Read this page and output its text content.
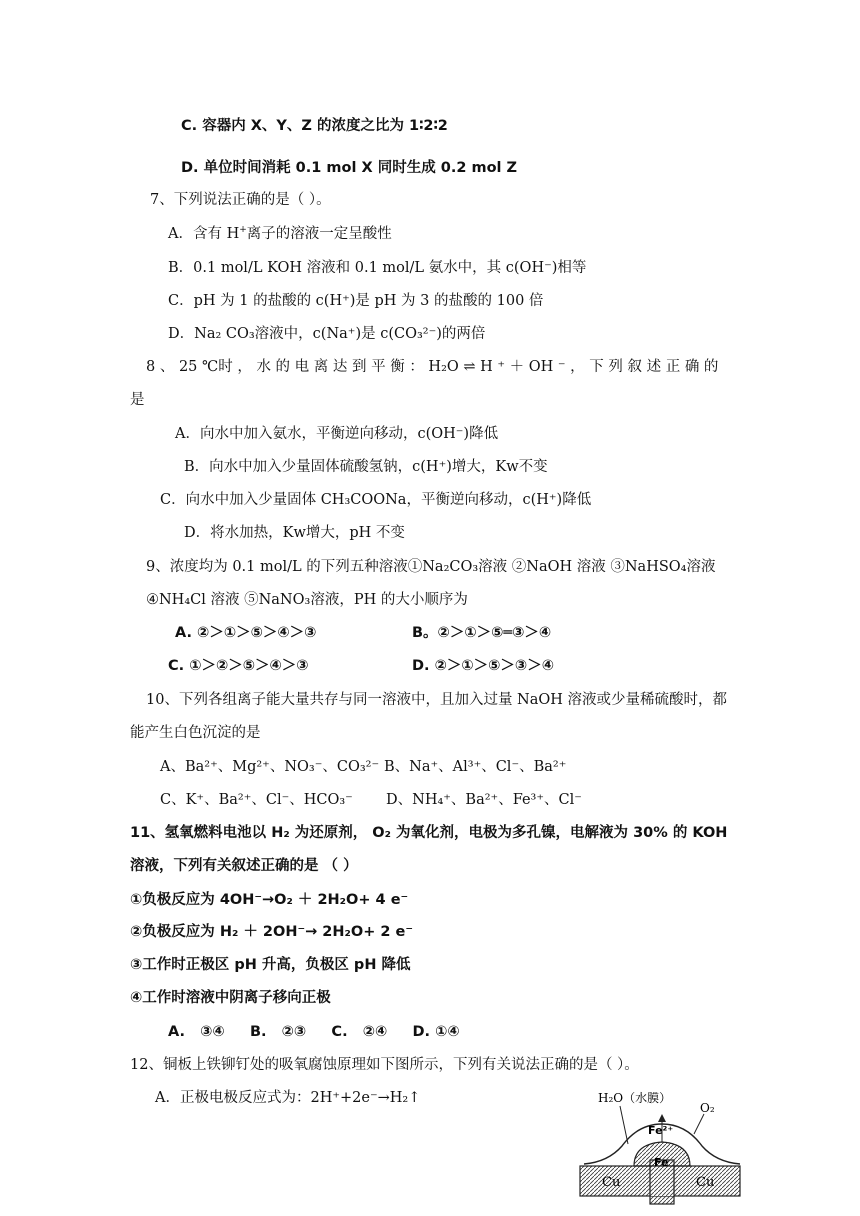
C. 容器内 X、Y、Z 的浓度之比为 1∶2∶2
D. 单位时间消耗 0.1 mol X 同时生成 0.2 mol Z
7、下列说法正确的是（ ）。
A．含有 H+离子的溶液一定呈酸性
B．0.1 mol/L KOH 溶液和 0.1 mol/L 氨水中，其 c(OH⁻)相等
C．pH 为 1 的盐酸的 c(H⁺)是 pH 为 3 的盐酸的 100 倍
D．Na₂ CO₃溶液中，c(Na⁺)是 c(CO₃²⁻)的两倍
8 、 25 ℃时 ， 水 的 电 离 达 到 平 衡 ： H₂O ⇌ H ⁺ ＋ OH ⁻ ， 下 列 叙 述 正 确 的
是
A．向水中加入氨水，平衡逆向移动，c(OH⁻)降低
B．向水中加入少量固体硫酸氢钠，c(H⁺)增大，Kw不变
C．向水中加入少量固体 CH₃COONa，平衡逆向移动，c(H⁺)降低
D．将水加热，Kw增大，pH 不变
9、浓度均为 0.1 mol/L 的下列五种溶液①Na₂CO₃溶液 ②NaOH 溶液 ③NaHSO₄溶液
④NH₄Cl 溶液 ⑤NaNO₃溶液，PH 的大小顺序为
A. ②＞①＞⑤＞④＞③	B。②＞①＞⑤═③＞④
C. ①＞②＞⑤＞④＞③	D. ②＞①＞⑤＞③＞④
10、下列各组离子能大量共存与同一溶液中，且加入过量 NaOH 溶液或少量稀硫酸时，都
能产生白色沉淀的是
A、Ba²⁺、Mg²⁺、NO₃⁻、CO₃²⁻ B、Na⁺、Al³⁺、Cl⁻、Ba²⁺
C、K⁺、Ba²⁺、Cl⁻、HCO₃⁻ D、NH₄⁺、Ba²⁺、Fe³⁺、Cl⁻
11、氢氧燃料电池以 H₂ 为还原剂， O₂ 为氧化剂，电极为多孔镍，电解液为 30% 的 KOH
溶液，下列有关叙述正确的是 （ ）
①负极反应为 4OH⁻→O₂ ＋ 2H₂O+ 4 e⁻
②负极反应为 H₂ ＋ 2OH⁻→ 2H₂O+ 2 e⁻
③工作时正极区 pH 升高，负极区 pH 降低
④工作时溶液中阴离子移向正极
A.   ③④     B.   ②③     C.   ②④     D. ①④
12、铜板上铁铆钉处的吸氧腐蚀原理如下图所示，下列有关说法正确的是（ ）。
A．正极电极反应式为：2H⁺+2e⁻→H₂↑	H₂O（水膜）
O₂
Fe²⁺
Fe
Cu	Cu
